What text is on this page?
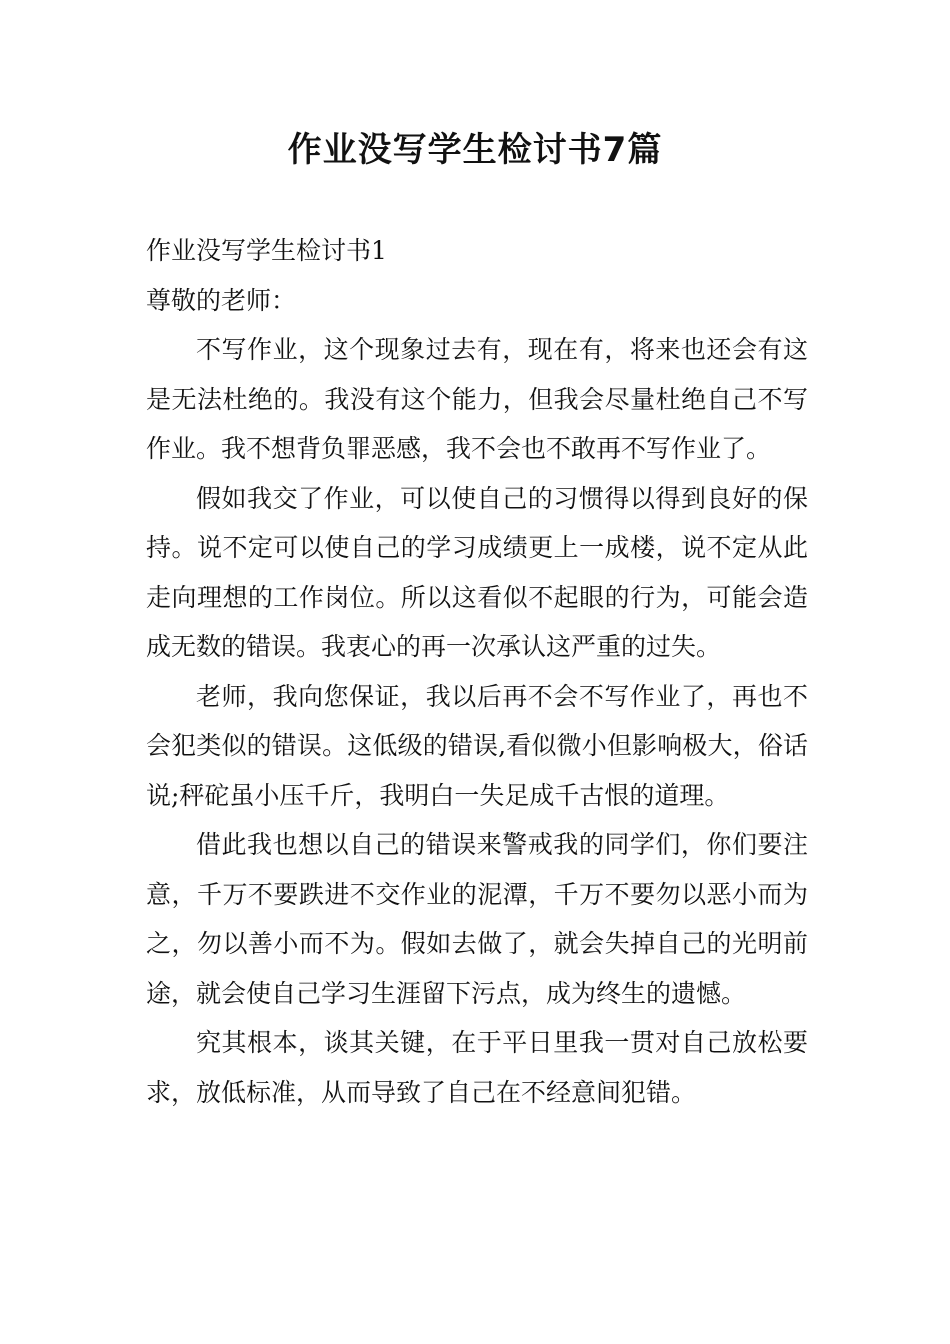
作业没写学生检讨书7篇

作业没写学生检讨书1

尊敬的老师：

不写作业，这个现象过去有，现在有，将来也还会有这是无法杜绝的。我没有这个能力，但我会尽量杜绝自己不写作业。我不想背负罪恶感，我不会也不敢再不写作业了。

假如我交了作业，可以使自己的习惯得以得到良好的保持。说不定可以使自己的学习成绩更上一成楼，说不定从此走向理想的工作岗位。所以这看似不起眼的行为，可能会造成无数的错误。我衷心的再一次承认这严重的过失。

老师，我向您保证，我以后再不会不写作业了，再也不会犯类似的错误。这低级的错误,看似微小但影响极大，俗话说;秤砣虽小压千斤，我明白一失足成千古恨的道理。

借此我也想以自己的错误来警戒我的同学们，你们要注意，千万不要跌进不交作业的泥潭，千万不要勿以恶小而为之，勿以善小而不为。假如去做了，就会失掉自己的光明前途，就会使自己学习生涯留下污点，成为终生的遗憾。

究其根本，谈其关键，在于平日里我一贯对自己放松要求，放低标准，从而导致了自己在不经意间犯错。
